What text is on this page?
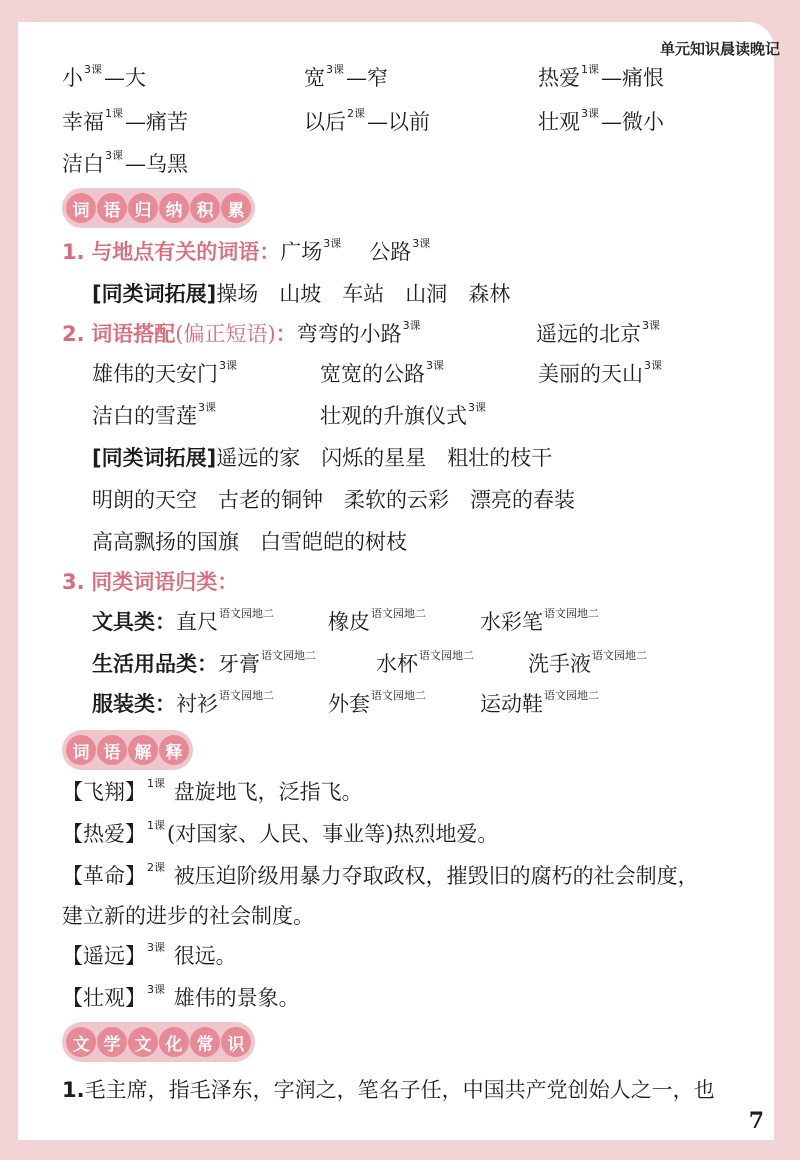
单元知识晨读晚记
小$^{3课}$—大	宽$^{3课}$—窄	热爱$^{1课}$—痛恨
幸福$^{1课}$—痛苦	以后$^{2课}$—以前	壮观$^{3课}$—微小
洁白$^{3课}$—乌黑
词 语 归 纳 积 累
1. 与地点有关的词语：广场$^{3课}$ 公路$^{3课}$
[同类词拓展]操场　山坡　车站　山洞　森林
2. 词语搭配(偏正短语)：弯弯的小路$^{3课}$	遥远的北京$^{3课}$
雄伟的天安门$^{3课}$	宽宽的公路$^{3课}$	美丽的天山$^{3课}$
洁白的雪莲$^{3课}$	壮观的升旗仪式$^{3课}$
[同类词拓展]遥远的家　闪烁的星星　粗壮的枝干
明朗的天空　古老的铜钟　柔软的云彩　漂亮的春装
高高飘扬的国旗　白雪皑皑的树枝
3. 同类词语归类：
文具类：直尺$^{语文园地二}$	橡皮$^{语文园地二}$	水彩笔$^{语文园地二}$
生活用品类：牙膏$^{语文园地二}$	水杯$^{语文园地二}$	洗手液$^{语文园地二}$
服装类：衬衫$^{语文园地二}$	外套$^{语文园地二}$	运动鞋$^{语文园地二}$
词 语 解 释
【飞翔】$^{1课}$ 盘旋地飞，泛指飞。
【热爱】$^{1课}$(对国家、人民、事业等)热烈地爱。
【革命】$^{2课}$ 被压迫阶级用暴力夺取政权，摧毁旧的腐朽的社会制度，
建立新的进步的社会制度。
【遥远】$^{3课}$ 很远。
【壮观】$^{3课}$ 雄伟的景象。
文 学 文 化 常 识
1.毛主席，指毛泽东，字润之，笔名子任，中国共产党创始人之一，也
7
